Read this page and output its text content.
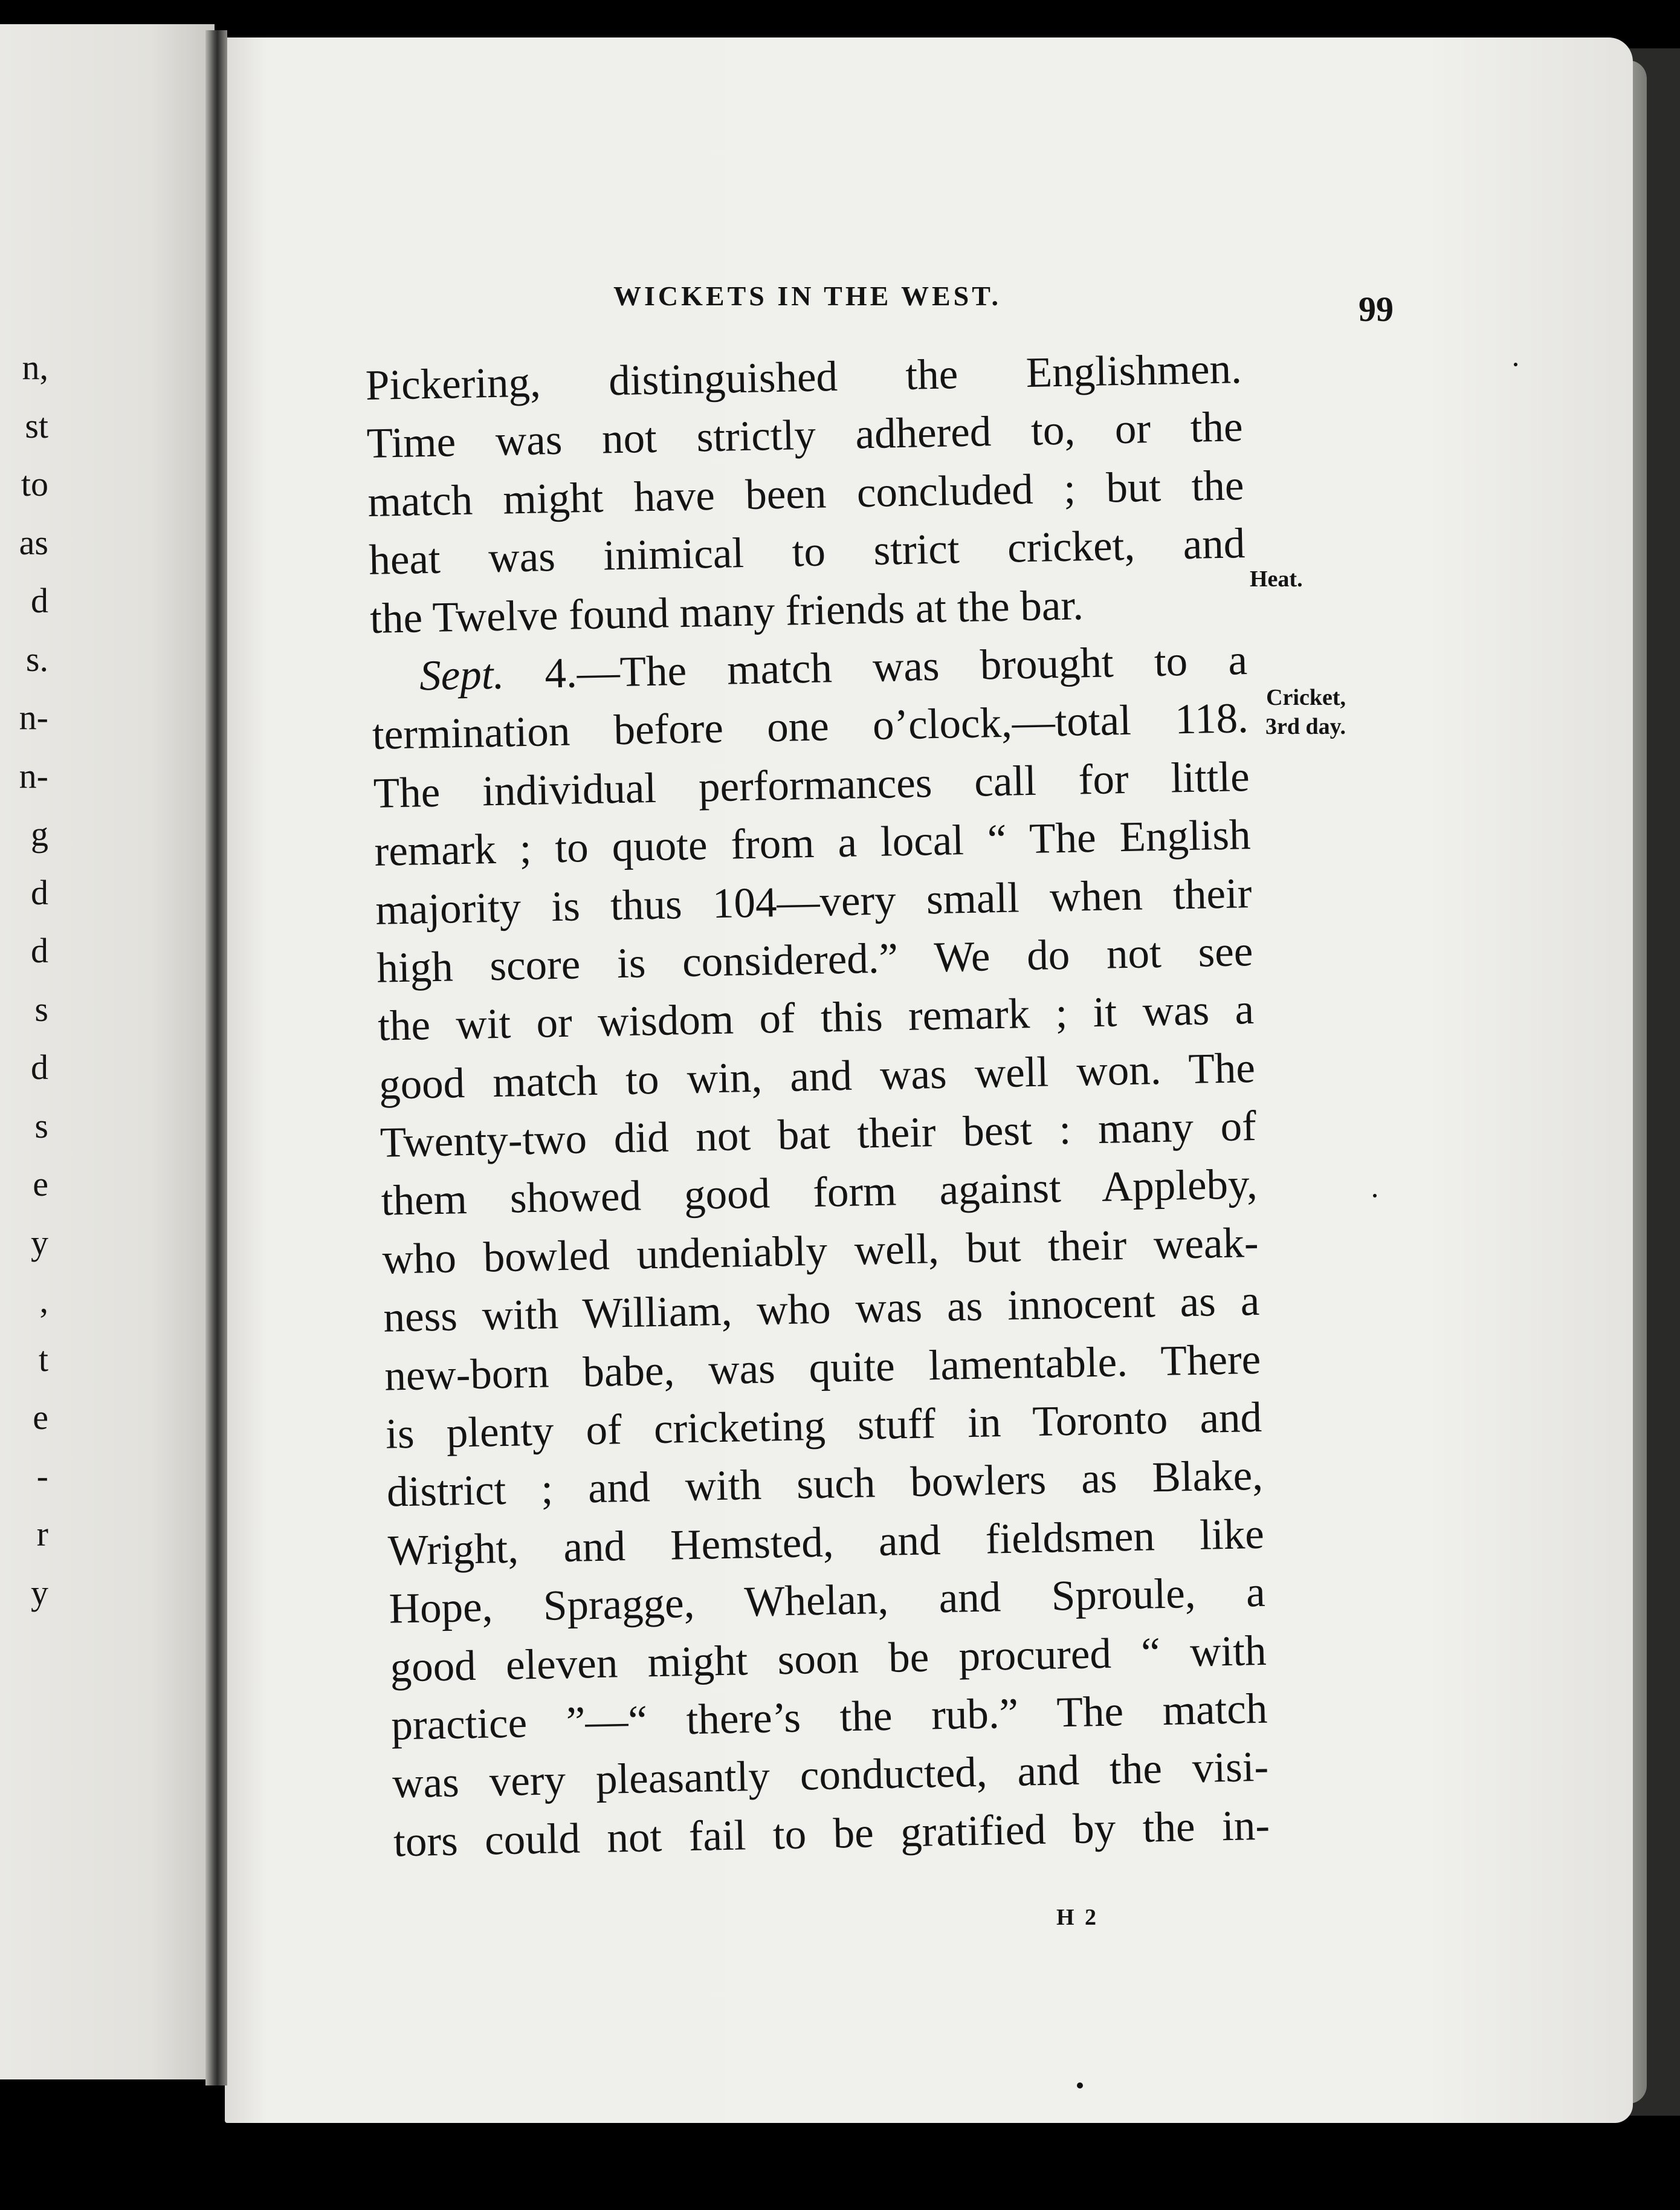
n,
st
to
as
d
s.
n-
n-
g
d
d
s
d
s
e
y
,
t
e
-
r
y
WICKETS IN THE WEST.	99
Pickering, distinguished the Englishmen.
Time was not strictly adhered to, or the
match might have been concluded ; but the
heat was inimical to strict cricket, and
the Twelve found many friends at the bar.
Sept. 4.—The match was brought to a
termination before one o’clock,—total 118.
The individual performances call for little
remark ; to quote from a local “ The English
majority is thus 104—very small when their
high score is considered.” We do not see
the wit or wisdom of this remark ; it was a
good match to win, and was well won. The
Twenty-two did not bat their best : many of
them showed good form against Appleby,
who bowled undeniably well, but their weak-
ness with William, who was as innocent as a
new-born babe, was quite lamentable. There
is plenty of cricketing stuff in Toronto and
district ; and with such bowlers as Blake,
Wright, and Hemsted, and fieldsmen like
Hope, Spragge, Whelan, and Sproule, a
good eleven might soon be procured “ with
practice ”—“ there’s the rub.” The match
was very pleasantly conducted, and the visi-
tors could not fail to be gratified by the in-
Heat.
Cricket,
3rd day.
H 2
